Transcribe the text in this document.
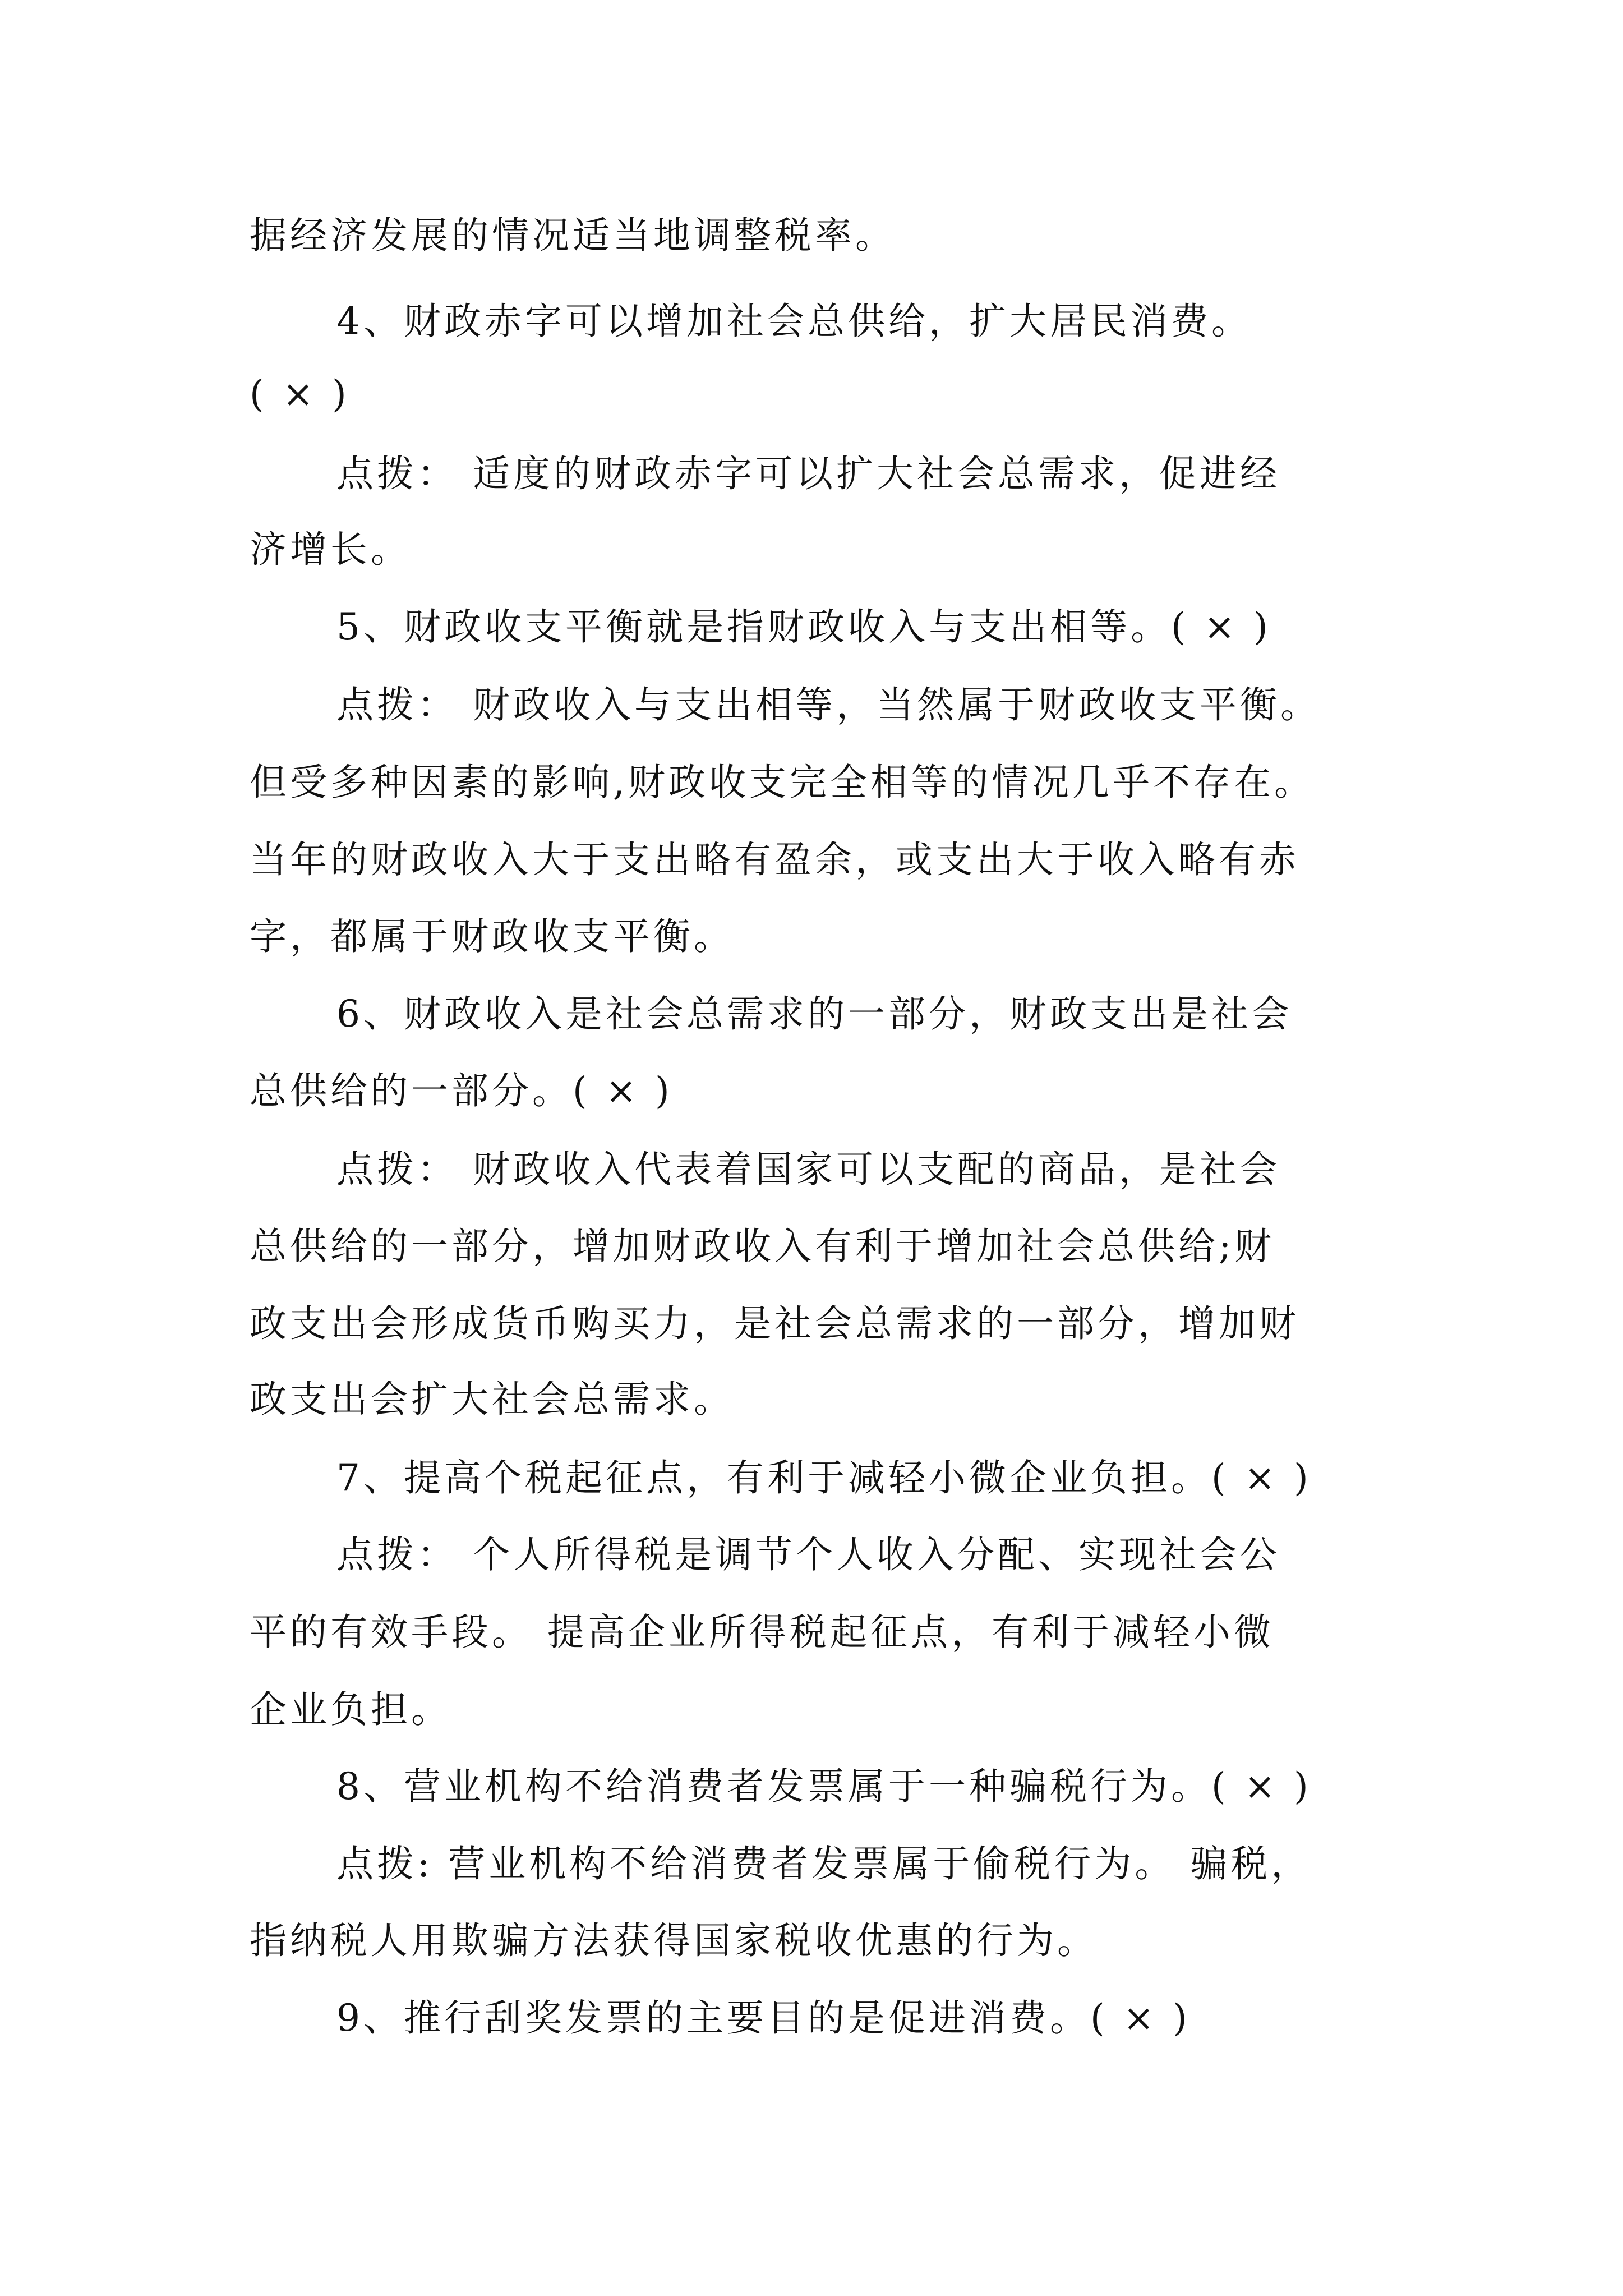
据经济发展的情况适当地调整税率。
4、财政赤字可以增加社会总供给，扩大居民消费。
( × )
点拨： 适度的财政赤字可以扩大社会总需求，促进经
济增长。
5、财政收支平衡就是指财政收入与支出相等。( × )
点拨： 财政收入与支出相等，当然属于财政收支平衡。
但受多种因素的影响,财政收支完全相等的情况几乎不存在。
当年的财政收入大于支出略有盈余，或支出大于收入略有赤
字，都属于财政收支平衡。
6、财政收入是社会总需求的一部分，财政支出是社会
总供给的一部分。( × )
点拨： 财政收入代表着国家可以支配的商品，是社会
总供给的一部分，增加财政收入有利于增加社会总供给;财
政支出会形成货币购买力，是社会总需求的一部分，增加财
政支出会扩大社会总需求。
7、提高个税起征点，有利于减轻小微企业负担。( × )
点拨： 个人所得税是调节个人收入分配、实现社会公
平的有效手段。 提高企业所得税起征点，有利于减轻小微
企业负担。
8、营业机构不给消费者发票属于一种骗税行为。( × )
点拨: 营业机构不给消费者发票属于偷税行为。 骗税，
指纳税人用欺骗方法获得国家税收优惠的行为。
9、推行刮奖发票的主要目的是促进消费。( × )
